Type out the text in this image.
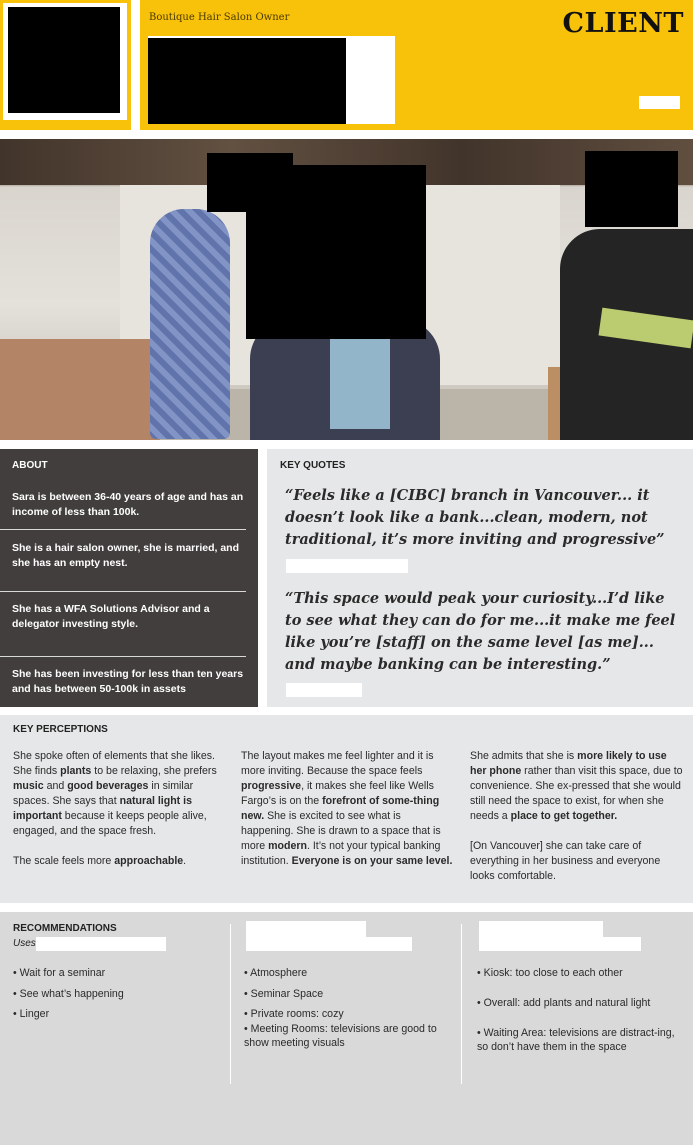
Boutique Hair Salon Owner	CLIENT
ABOUT
Sara is between 36-40 years of age and has an income of less than 100k.
She is a hair salon owner, she is married, and she has an empty nest.
She has a WFA Solutions Advisor and a delegator investing style.
She has been investing for less than ten years and has between 50-100k in assets
KEY QUOTES
“Feels like a [CIBC] branch in Vancouver... it doesn’t look like a bank...clean, modern, not traditional, it’s more inviting and progressive”
“This space would peak your curiosity...I’d like to see what they can do for me...it make me feel like you’re [staff] on the same level [as me]... and maybe banking can be interesting.”
KEY PERCEPTIONS

She spoke often of elements that she likes. She finds plants to be relaxing, she prefers music and good beverages in similar spaces. She says that natural light is important because it keeps people alive, engaged, and the space fresh.

The scale feels more approachable.

The layout makes me feel lighter and it is more inviting. Because the space feels progressive, it makes she feel like Wells Fargo’s is on the forefront of some-thing new. She is excited to see what is happening. She is drawn to a space that is more modern. It’s not your typical banking institution. Everyone is on your same level.

She admits that she is more likely to use her phone rather than visit this space, due to convenience. She ex-pressed that she would still need the space to exist, for when she needs a place to get together.

[On Vancouver] she can take care of everything in her business and everyone looks comfortable.

RECOMMENDATIONS
Uses
• Wait for a seminar
• See what’s happening
• Linger
• Atmosphere
• Seminar Space
• Private rooms: cozy
• Meeting Rooms: televisions are good to show meeting visuals
• Kiosk: too close to each other
• Overall: add plants and natural light
• Waiting Area: televisions are distract-ing, so don’t have them in the space
